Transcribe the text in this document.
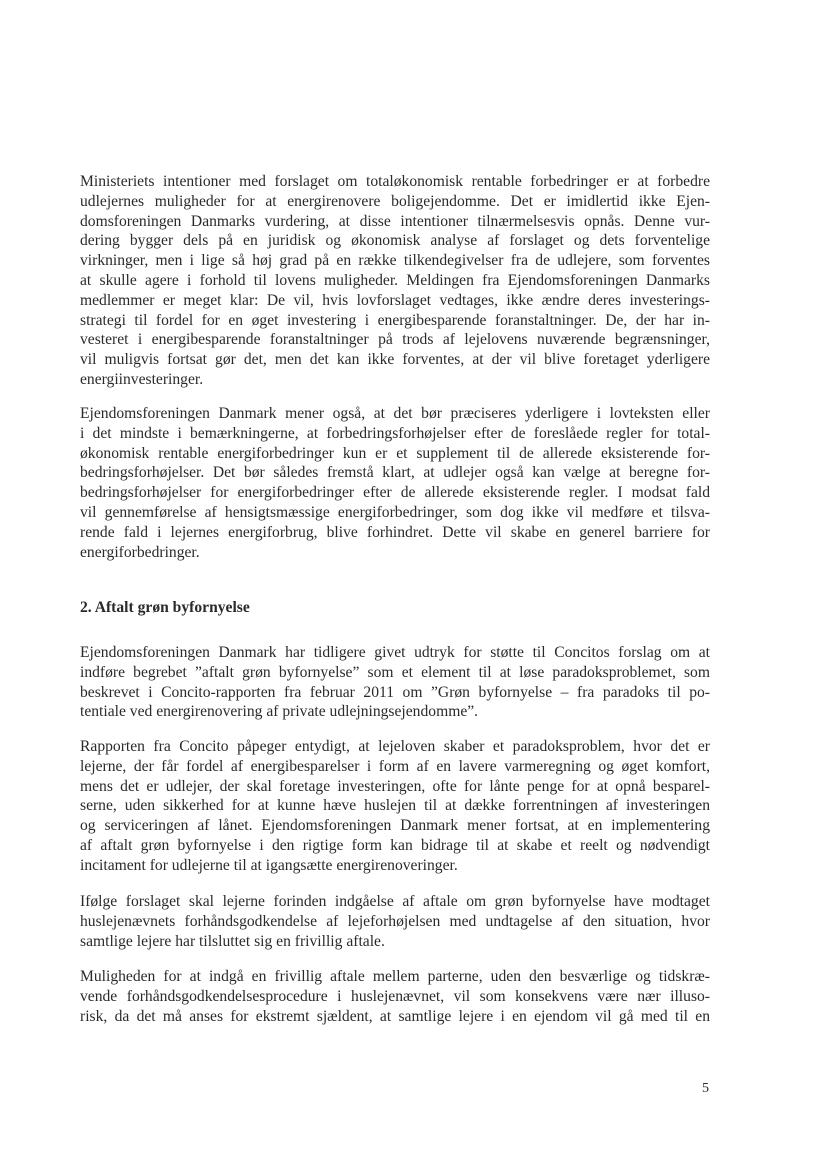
Ministeriets intentioner med forslaget om totaløkonomisk rentable forbedringer er at forbedre
udlejernes muligheder for at energirenovere boligejendomme. Det er imidlertid ikke Ejen-
domsforeningen Danmarks vurdering, at disse intentioner tilnærmelsesvis opnås. Denne vur-
dering bygger dels på en juridisk og økonomisk analyse af forslaget og dets forventelige
virkninger, men i lige så høj grad på en række tilkendegivelser fra de udlejere, som forventes
at skulle agere i forhold til lovens muligheder. Meldingen fra Ejendomsforeningen Danmarks
medlemmer er meget klar: De vil, hvis lovforslaget vedtages, ikke ændre deres investerings-
strategi til fordel for en øget investering i energibesparende foranstaltninger. De, der har in-
vesteret i energibesparende foranstaltninger på trods af lejelovens nuværende begrænsninger,
vil muligvis fortsat gør det, men det kan ikke forventes, at der vil blive foretaget yderligere
energiinvesteringer.
Ejendomsforeningen Danmark mener også, at det bør præciseres yderligere i lovteksten eller
i det mindste i bemærkningerne, at forbedringsforhøjelser efter de foreslåede regler for total-
økonomisk rentable energiforbedringer kun er et supplement til de allerede eksisterende for-
bedringsforhøjelser. Det bør således fremstå klart, at udlejer også kan vælge at beregne for-
bedringsforhøjelser for energiforbedringer efter de allerede eksisterende regler. I modsat fald
vil gennemførelse af hensigtsmæssige energiforbedringer, som dog ikke vil medføre et tilsva-
rende fald i lejernes energiforbrug, blive forhindret. Dette vil skabe en generel barriere for
energiforbedringer.
2. Aftalt grøn byfornyelse
Ejendomsforeningen Danmark har tidligere givet udtryk for støtte til Concitos forslag om at
indføre begrebet ”aftalt grøn byfornyelse” som et element til at løse paradoksproblemet, som
beskrevet i Concito-rapporten fra februar 2011 om ”Grøn byfornyelse – fra paradoks til po-
tentiale ved energirenovering af private udlejningsejendomme”.
Rapporten fra Concito påpeger entydigt, at lejeloven skaber et paradoksproblem, hvor det er
lejerne, der får fordel af energibesparelser i form af en lavere varmeregning og øget komfort,
mens det er udlejer, der skal foretage investeringen, ofte for lånte penge for at opnå besparel-
serne, uden sikkerhed for at kunne hæve huslejen til at dække forrentningen af investeringen
og serviceringen af lånet. Ejendomsforeningen Danmark mener fortsat, at en implementering
af aftalt grøn byfornyelse i den rigtige form kan bidrage til at skabe et reelt og nødvendigt
incitament for udlejerne til at igangsætte energirenoveringer.
Ifølge forslaget skal lejerne forinden indgåelse af aftale om grøn byfornyelse have modtaget
huslejenævnets forhåndsgodkendelse af lejeforhøjelsen med undtagelse af den situation, hvor
samtlige lejere har tilsluttet sig en frivillig aftale.
Muligheden for at indgå en frivillig aftale mellem parterne, uden den besværlige og tidskræ-
vende forhåndsgodkendelsesprocedure i huslejenævnet, vil som konsekvens være nær illuso-
risk, da det må anses for ekstremt sjældent, at samtlige lejere i en ejendom vil gå med til en
5
